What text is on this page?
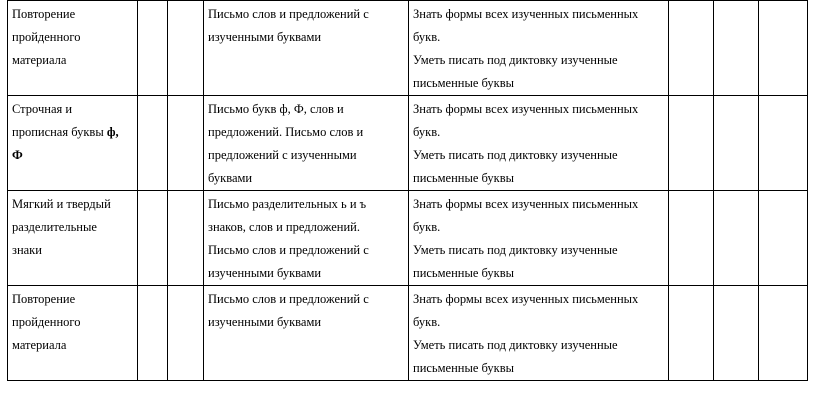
Повторение
пройденного
материала			Письмо слов и предложений с
изученными буквами	Знать формы всех изученных письменных
букв.
Уметь писать под диктовку изученные
письменные буквы			

Строчная и
прописная буквы ф,
Ф			Письмо букв ф, Ф, слов и
предложений. Письмо слов и
предложений с изученными
буквами	Знать формы всех изученных письменных
букв.
Уметь писать под диктовку изученные
письменные буквы			

Мягкий и твердый
разделительные
знаки			Письмо разделительных ь и ъ
знаков, слов и предложений.
Письмо слов и предложений с
изученными буквами	Знать формы всех изученных письменных
букв.
Уметь писать под диктовку изученные
письменные буквы			

Повторение
пройденного
материала			Письмо слов и предложений с
изученными буквами	Знать формы всех изученных письменных
букв.
Уметь писать под диктовку изученные
письменные буквы			
